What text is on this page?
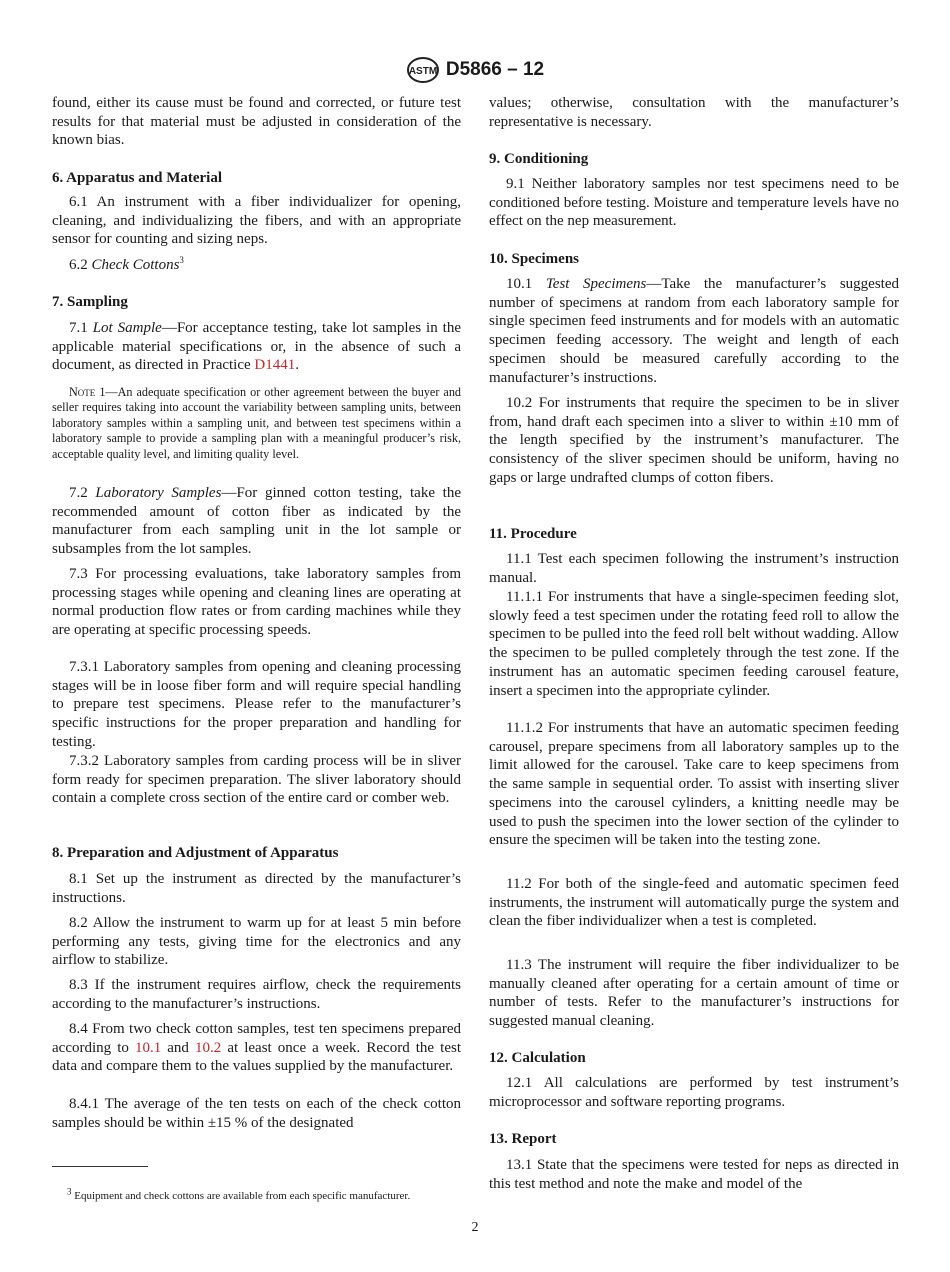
ASTM D5866 – 12

found, either its cause must be found and corrected, or future test results for that material must be adjusted in consideration of the known bias.

6. Apparatus and Material

6.1 An instrument with a fiber individualizer for opening, cleaning, and individualizing the fibers, and with an appropriate sensor for counting and sizing neps.

6.2 Check Cottons$^3$

7. Sampling

7.1 Lot Sample—For acceptance testing, take lot samples in the applicable material specifications or, in the absence of such a document, as directed in Practice D1441.

Note 1—An adequate specification or other agreement between the buyer and seller requires taking into account the variability between sampling units, between laboratory samples within a sampling unit, and between test specimens within a laboratory sample to provide a sampling plan with a meaningful producer’s risk, acceptable quality level, and limiting quality level.

7.2 Laboratory Samples—For ginned cotton testing, take the recommended amount of cotton fiber as indicated by the manufacturer from each sampling unit in the lot sample or subsamples from the lot samples.

7.3 For processing evaluations, take laboratory samples from processing stages while opening and cleaning lines are operating at normal production flow rates or from carding machines while they are operating at specific processing speeds.

7.3.1 Laboratory samples from opening and cleaning processing stages will be in loose fiber form and will require special handling to prepare test specimens. Please refer to the manufacturer’s specific instructions for the proper preparation and handling for testing.

7.3.2 Laboratory samples from carding process will be in sliver form ready for specimen preparation. The sliver laboratory should contain a complete cross section of the entire card or comber web.

8. Preparation and Adjustment of Apparatus

8.1 Set up the instrument as directed by the manufacturer’s instructions.

8.2 Allow the instrument to warm up for at least 5 min before performing any tests, giving time for the electronics and any airflow to stabilize.

8.3 If the instrument requires airflow, check the requirements according to the manufacturer’s instructions.

8.4 From two check cotton samples, test ten specimens prepared according to 10.1 and 10.2 at least once a week. Record the test data and compare them to the values supplied by the manufacturer.

8.4.1 The average of the ten tests on each of the check cotton samples should be within ±15 % of the designated

$^3$ Equipment and check cottons are available from each specific manufacturer.

values; otherwise, consultation with the manufacturer’s representative is necessary.

9. Conditioning

9.1 Neither laboratory samples nor test specimens need to be conditioned before testing. Moisture and temperature levels have no effect on the nep measurement.

10. Specimens

10.1 Test Specimens—Take the manufacturer’s suggested number of specimens at random from each laboratory sample for single specimen feed instruments and for models with an automatic specimen feeding accessory. The weight and length of each specimen should be measured carefully according to the manufacturer’s instructions.

10.2 For instruments that require the specimen to be in sliver from, hand draft each specimen into a sliver to within ±10 mm of the length specified by the instrument’s manufacturer. The consistency of the sliver specimen should be uniform, having no gaps or large undrafted clumps of cotton fibers.

11. Procedure

11.1 Test each specimen following the instrument’s instruction manual.

11.1.1 For instruments that have a single-specimen feeding slot, slowly feed a test specimen under the rotating feed roll to allow the specimen to be pulled into the feed roll belt without wadding. Allow the specimen to be pulled completely through the test zone. If the instrument has an automatic specimen feeding carousel feature, insert a specimen into the appropriate cylinder.

11.1.2 For instruments that have an automatic specimen feeding carousel, prepare specimens from all laboratory samples up to the limit allowed for the carousel. Take care to keep specimens from the same sample in sequential order. To assist with inserting sliver specimens into the carousel cylinders, a knitting needle may be used to push the specimen into the lower section of the cylinder to ensure the specimen will be taken into the testing zone.

11.2 For both of the single-feed and automatic specimen feed instruments, the instrument will automatically purge the system and clean the fiber individualizer when a test is completed.

11.3 The instrument will require the fiber individualizer to be manually cleaned after operating for a certain amount of time or number of tests. Refer to the manufacturer’s instructions for suggested manual cleaning.

12. Calculation

12.1 All calculations are performed by test instrument’s microprocessor and software reporting programs.

13. Report

13.1 State that the specimens were tested for neps as directed in this test method and note the make and model of the

2
